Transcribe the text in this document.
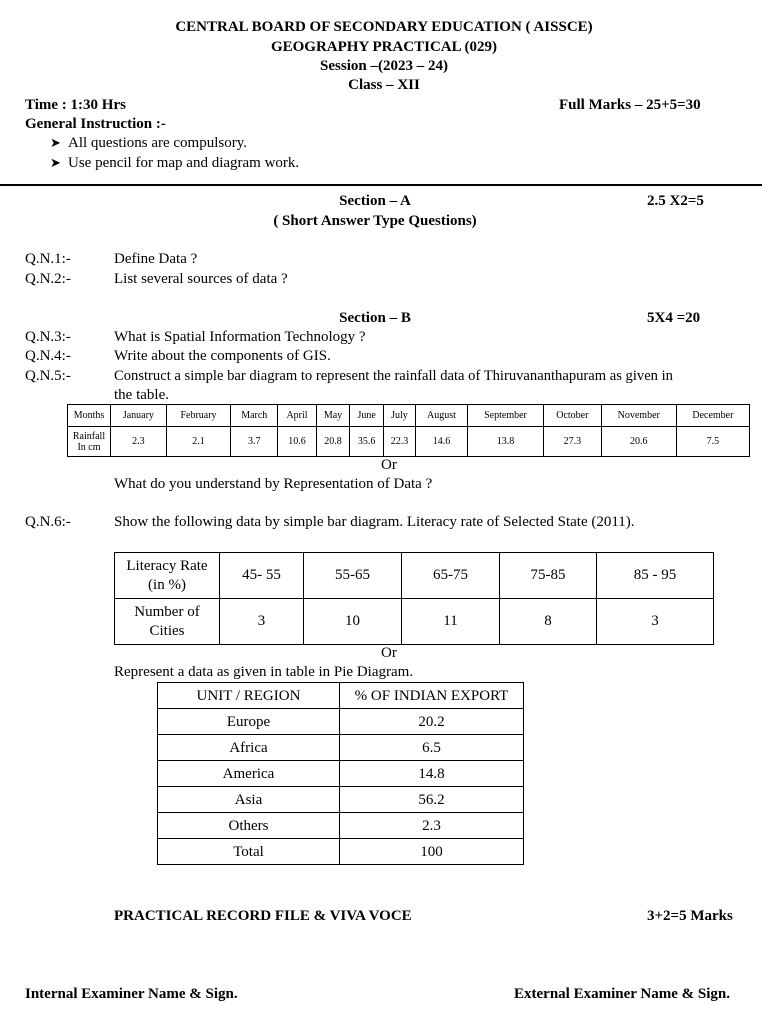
CENTRAL BOARD OF SECONDARY EDUCATION ( AISSCE)
GEOGRAPHY PRACTICAL (029)
Session –(2023 – 24)
Class – XII
Time : 1:30 Hrs	Full Marks – 25+5=30
General Instruction :-
➤ All questions are compulsory.
➤ Use pencil for map and diagram work.
Section – A	2.5 X2=5
( Short Answer Type Questions)
Q.N.1:-	Define Data ?
Q.N.2:-	List several sources of data ?
Section – B	5X4 =20
Q.N.3:-	What is Spatial Information Technology ?
Q.N.4:-	Write about the components of GIS.
Q.N.5:-	Construct a simple bar diagram to represent the rainfall data of Thiruvananthapuram as given in
the table.
Months	January	February	March	April	May	June	July	August	September	October	November	December
Rainfall
In cm	2.3	2.1	3.7	10.6	20.8	35.6	22.3	14.6	13.8	27.3	20.6	7.5
Or
What do you understand by Representation of Data ?
Q.N.6:-	Show the following data by simple bar diagram. Literacy rate of Selected State (2011).
Literacy Rate
(in %)	45- 55	55-65	65-75	75-85	85 - 95
Number of
Cities	3	10	11	8	3
Or
Represent a data as given in table in Pie Diagram.
UNIT / REGION	% OF INDIAN EXPORT
Europe	20.2
Africa	6.5
America	14.8
Asia	56.2
Others	2.3
Total	100
PRACTICAL RECORD FILE & VIVA VOCE	3+2=5 Marks
Internal Examiner Name & Sign.	External Examiner Name & Sign.
